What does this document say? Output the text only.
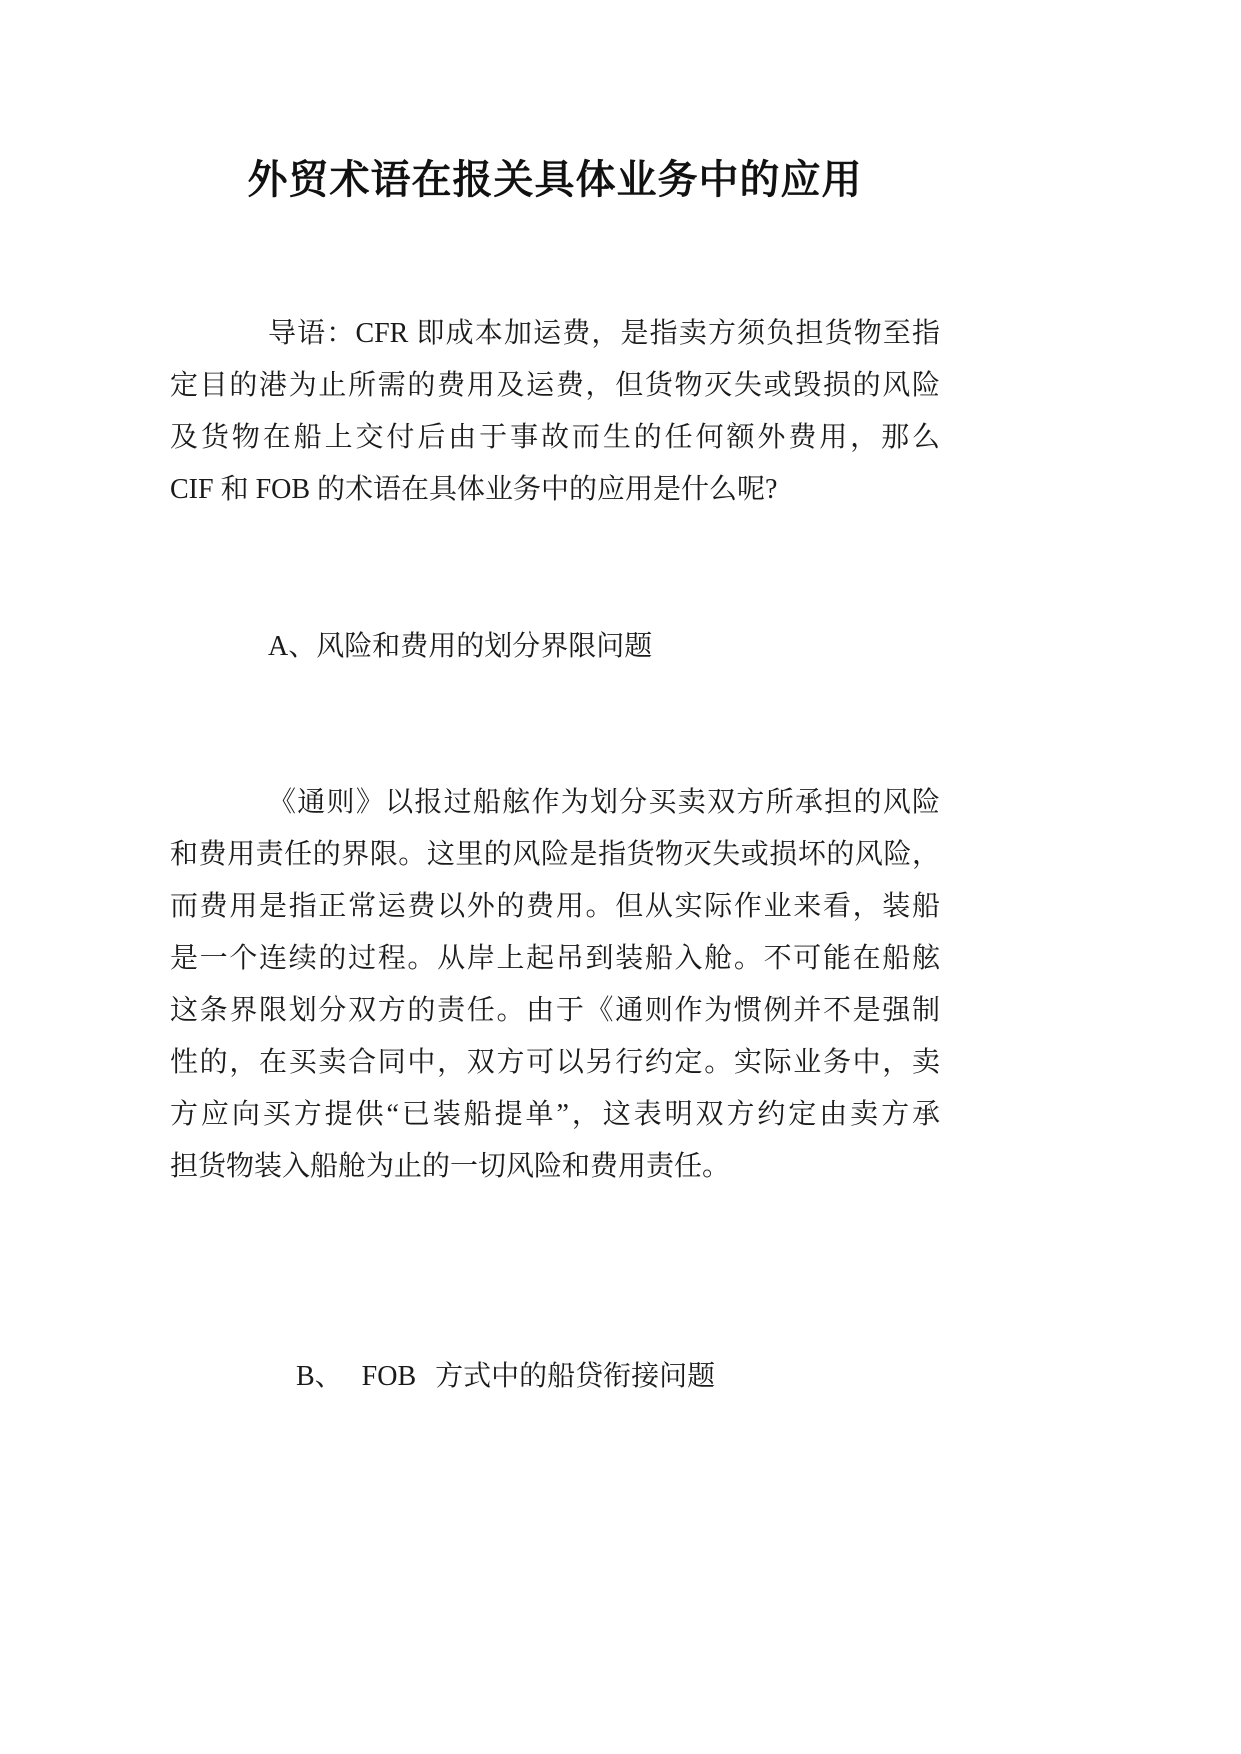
外贸术语在报关具体业务中的应用
导语：CFR 即成本加运费，是指卖方须负担货物至指
定目的港为止所需的费用及运费，但货物灭失或毁损的风险
及货物在船上交付后由于事故而生的任何额外费用，那么
CIF 和 FOB 的术语在具体业务中的应用是什么呢?
A、风险和费用的划分界限问题
《通则》以报过船舷作为划分买卖双方所承担的风险
和费用责任的界限。这里的风险是指货物灭失或损坏的风险，
而费用是指正常运费以外的费用。但从实际作业来看，装船
是一个连续的过程。从岸上起吊到装船入舱。不可能在船舷
这条界限划分双方的责任。由于《通则作为惯例并不是强制
性的，在买卖合同中，双方可以另行约定。实际业务中，卖
方应向买方提供“已装船提单”，这表明双方约定由卖方承
担货物装入船舱为止的一切风险和费用责任。

B、 FOB 方式中的船贷衔接问题
